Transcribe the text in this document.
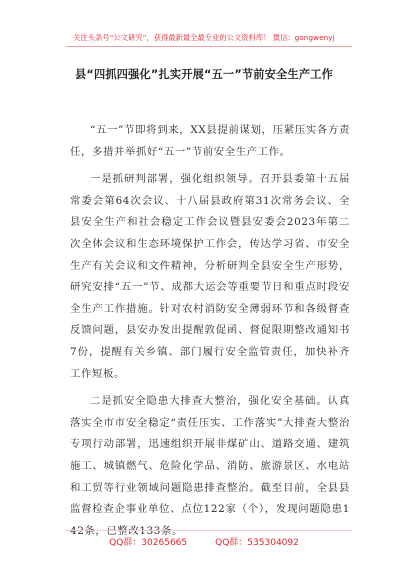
关注头条号“公文研究”，获得最新最全最专业的公文资料库！ 微信：gongwenyj
县“四抓四强化”扎实开展“五一”节前安全生产工作

“五一”节即将到来，XX县提前谋划，压紧压实各方责任，多措并举抓好“五一”节前安全生产工作。

一是抓研判部署，强化组织领导。召开县委第十五届常委会第64次会议、十八届县政府第31次常务会议、全县安全生产和社会稳定工作会议暨县安委会2023年第二次全体会议和生态环境保护工作会，传达学习省、市安全生产有关会议和文件精神，分析研判全县安全生产形势，研究安排“五一”节、成都大运会等重要节日和重点时段安全生产工作措施。针对农村消防安全薄弱环节和各级督查反馈问题，县安办发出提醒敦促函、督促限期整改通知书7份，提醒有关乡镇、部门履行安全监管责任，加快补齐工作短板。

二是抓安全隐患大排查大整治，强化安全基础。认真落实全市市安全稳定“责任压实、工作落实”大排查大整治专项行动部署，迅速组织开展非煤矿山、道路交通、建筑施工、城镇燃气、危险化学品、消防、旅游景区、水电站和工贸等行业领域问题隐患排查整治。截至目前，全县县监督检查企事业单位、点位122家（个），发现问题隐患142条，已整改133条。

QQ群：30265665	QQ群：535304092
